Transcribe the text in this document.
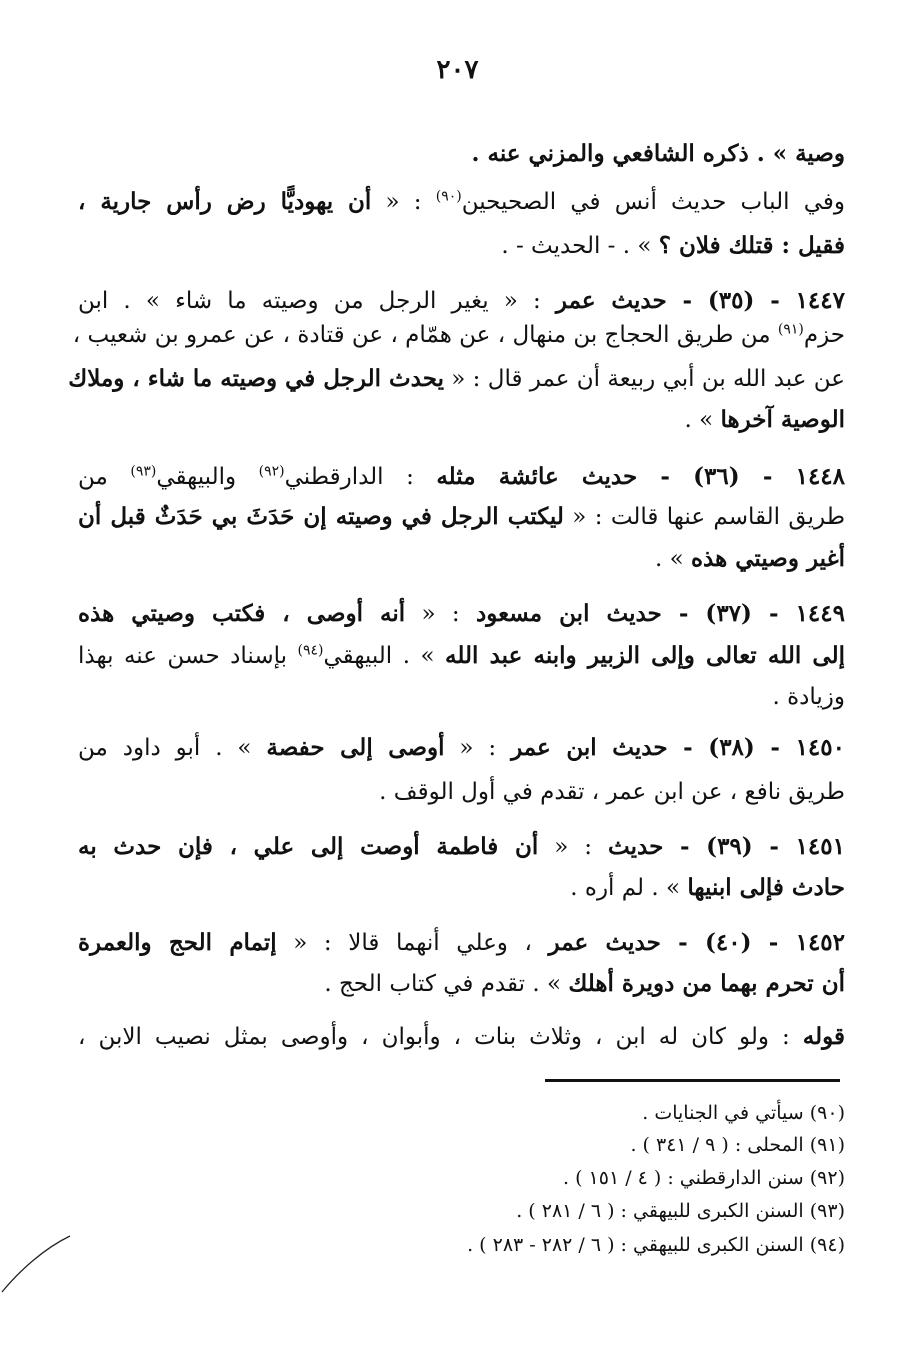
٢٠٧
وصية » . ذكره الشافعي والمزني عنه .
وفي الباب حديث أنس في الصحيحين$^{(٩٠)}$ : « أن يهوديًّا رض رأس جارية ،
فقيل : قتلك فلان ؟ » . - الحديث - .
١٤٤٧ - (٣٥) - حديث عمر : « يغير الرجل من وصيته ما شاء » . ابن
حزم$^{(٩١)}$ من طريق الحجاج بن منهال ، عن همّام ، عن قتادة ، عن عمرو بن شعيب ،
عن عبد الله بن أبي ربيعة أن عمر قال : « يحدث الرجل في وصيته ما شاء ، وملاك
الوصية آخرها » .
١٤٤٨ - (٣٦) - حديث عائشة مثله : الدارقطني$^{(٩٢)}$ والبيهقي$^{(٩٣)}$ من
طريق القاسم عنها قالت : « ليكتب الرجل في وصيته إن حَدَثَ بي حَدَثٌ قبل أن
أغير وصيتي هذه » .
١٤٤٩ - (٣٧) - حديث ابن مسعود : « أنه أوصى ، فكتب وصيتي هذه
إلى الله تعالى وإلى الزبير وابنه عبد الله » . البيهقي$^{(٩٤)}$ بإسناد حسن عنه بهذا
وزيادة .
١٤٥٠ - (٣٨) - حديث ابن عمر : « أوصى إلى حفصة » . أبو داود من
طريق نافع ، عن ابن عمر ، تقدم في أول الوقف .
١٤٥١ - (٣٩) - حديث : « أن فاطمة أوصت إلى علي ، فإن حدث به
حادث فإلى ابنيها » . لم أره .
١٤٥٢ - (٤٠) - حديث عمر ، وعلي أنهما قالا : « إتمام الحج والعمرة
أن تحرم بهما من دويرة أهلك » . تقدم في كتاب الحج .
قوله : ولو كان له ابن ، وثلاث بنات ، وأبوان ، وأوصى بمثل نصيب الابن ،
(٩٠) سيأتي في الجنايات .
(٩١) المحلى : ( ٩ / ٣٤١ ) .
(٩٢) سنن الدارقطني : ( ٤ / ١٥١ ) .
(٩٣) السنن الكبرى للبيهقي : ( ٦ / ٢٨١ ) .
(٩٤) السنن الكبرى للبيهقي : ( ٦ / ٢٨٢ - ٢٨٣ ) .
